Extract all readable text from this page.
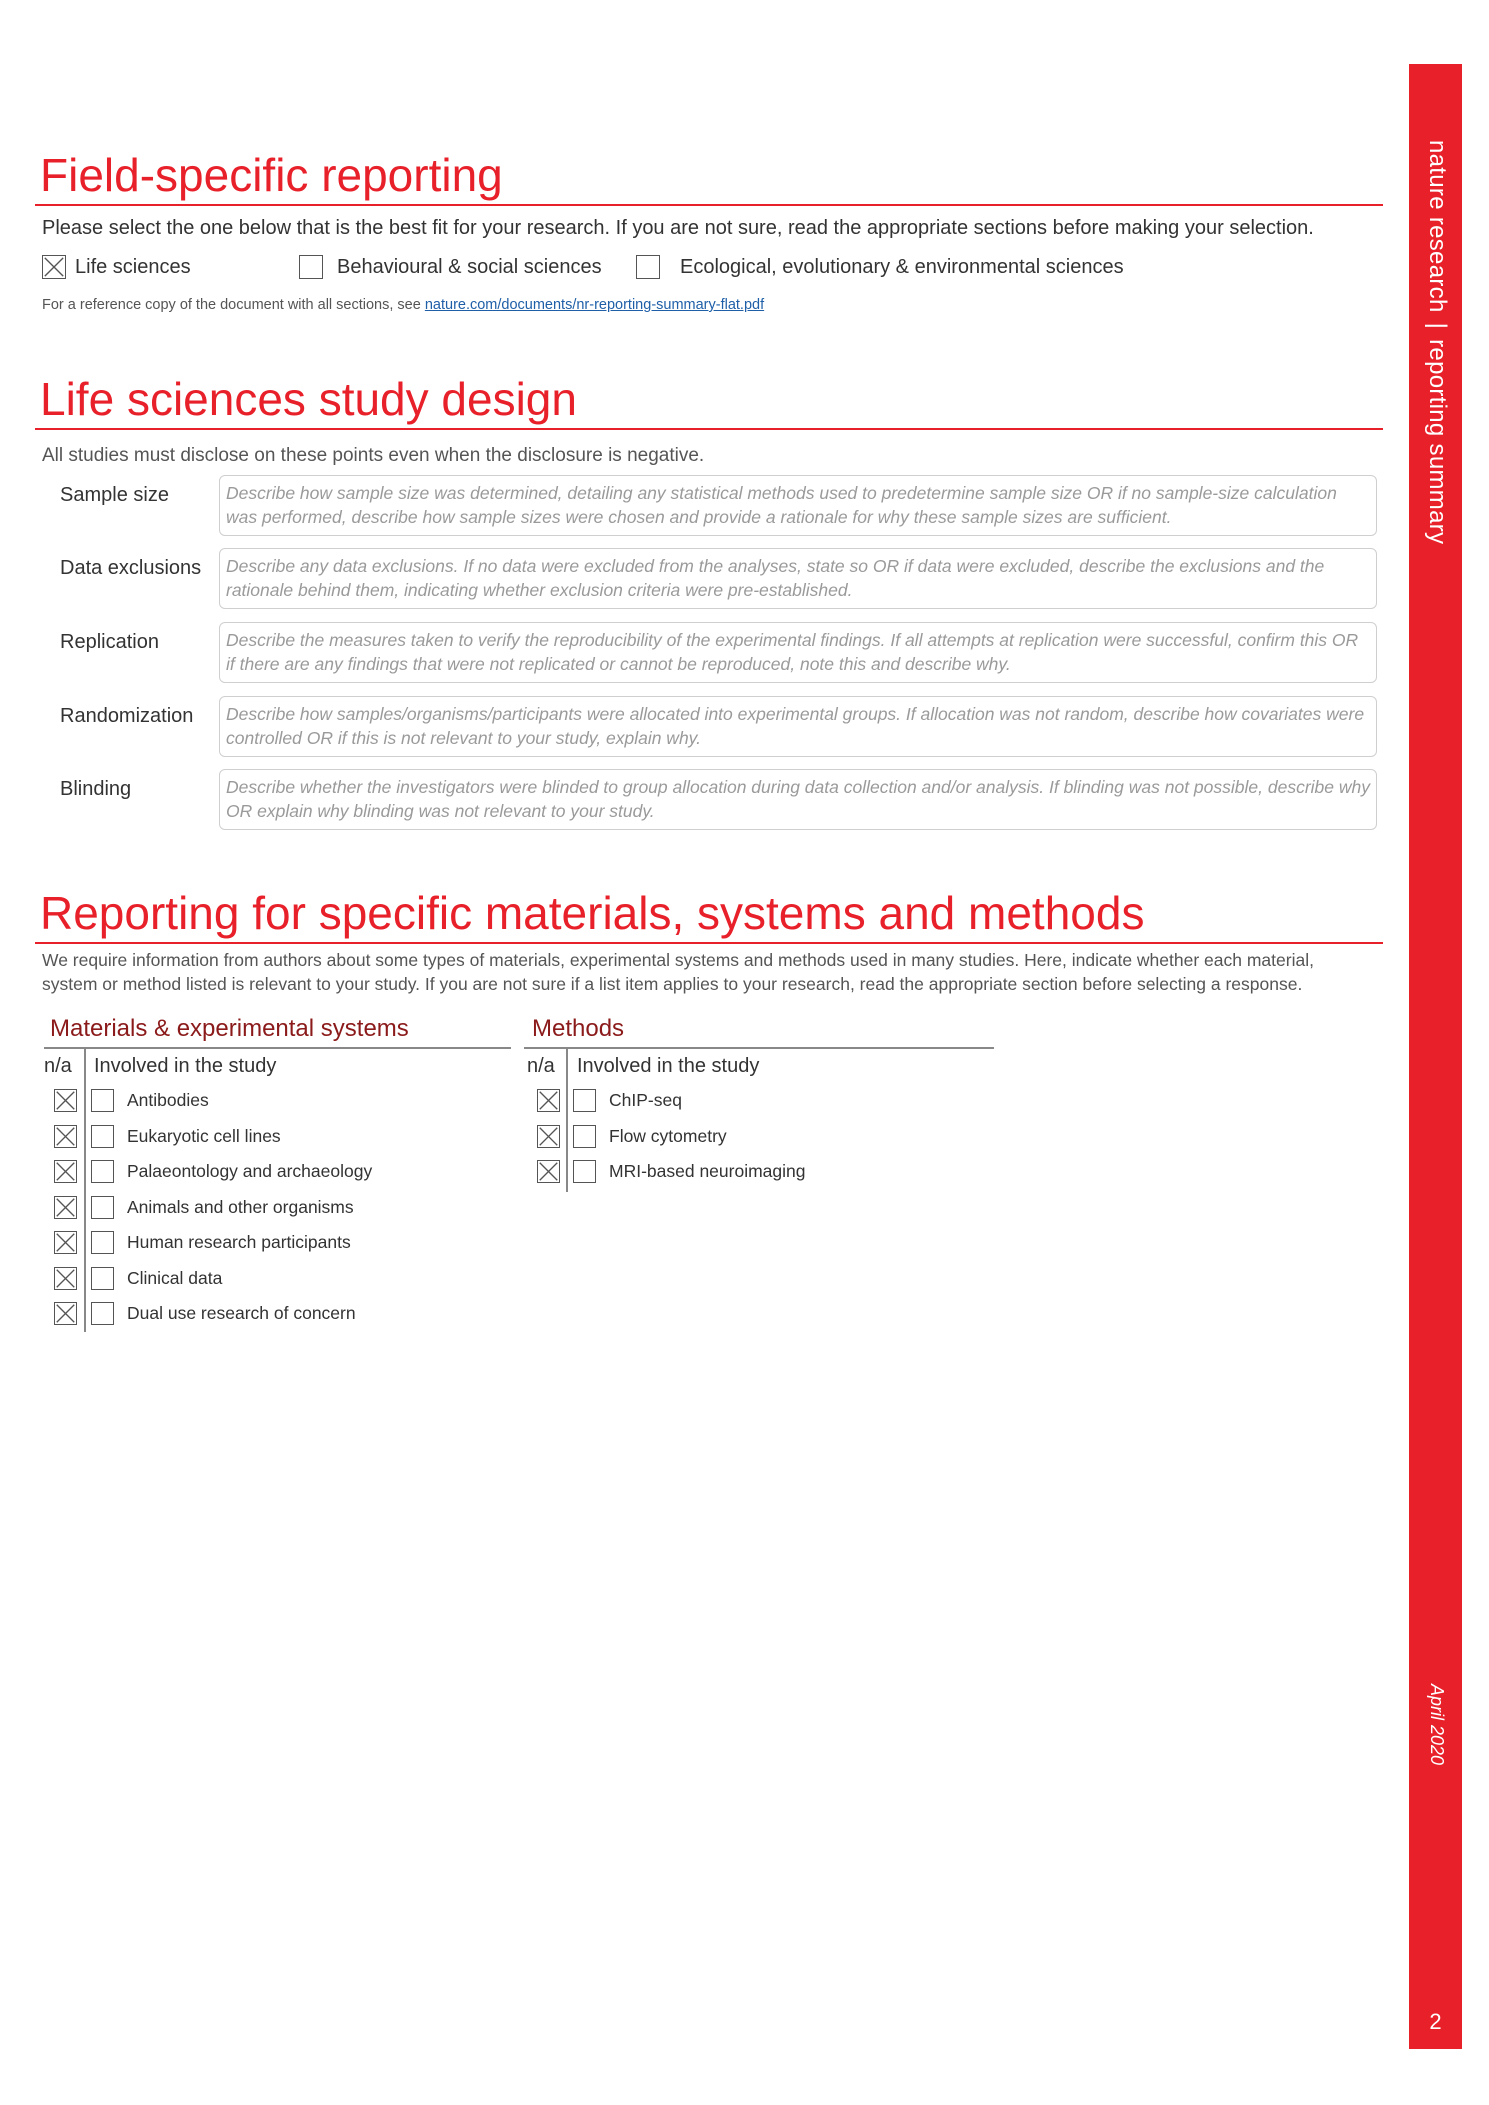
nature research|reporting summary
April 2020
2
Field-specific reporting
Please select the one below that is the best fit for your research. If you are not sure, read the appropriate sections before making your selection.
Life sciences	Behavioural & social sciences	Ecological, evolutionary & environmental sciences
For a reference copy of the document with all sections, see nature.com/documents/nr-reporting-summary-flat.pdf
Life sciences study design
All studies must disclose on these points even when the disclosure is negative.
Sample size	Describe how sample size was determined, detailing any statistical methods used to predetermine sample size OR if no sample-size calculation was performed, describe how sample sizes were chosen and provide a rationale for why these sample sizes are sufficient.
Data exclusions	Describe any data exclusions. If no data were excluded from the analyses, state so OR if data were excluded, describe the exclusions and the rationale behind them, indicating whether exclusion criteria were pre-established.
Replication	Describe the measures taken to verify the reproducibility of the experimental findings. If all attempts at replication were successful, confirm this OR if there are any findings that were not replicated or cannot be reproduced, note this and describe why.
Randomization	Describe how samples/organisms/participants were allocated into experimental groups. If allocation was not random, describe how covariates were controlled OR if this is not relevant to your study, explain why.
Blinding	Describe whether the investigators were blinded to group allocation during data collection and/or analysis. If blinding was not possible, describe why OR explain why blinding was not relevant to your study.
Reporting for specific materials, systems and methods
We require information from authors about some types of materials, experimental systems and methods used in many studies. Here, indicate whether each material,
system or method listed is relevant to your study. If you are not sure if a list item applies to your research, read the appropriate section before selecting a response.
Materials & experimental systems
n/a Involved in the study
Antibodies
Eukaryotic cell lines
Palaeontology and archaeology
Animals and other organisms
Human research participants
Clinical data
Dual use research of concern
Methods
n/a Involved in the study
ChIP-seq
Flow cytometry
MRI-based neuroimaging
